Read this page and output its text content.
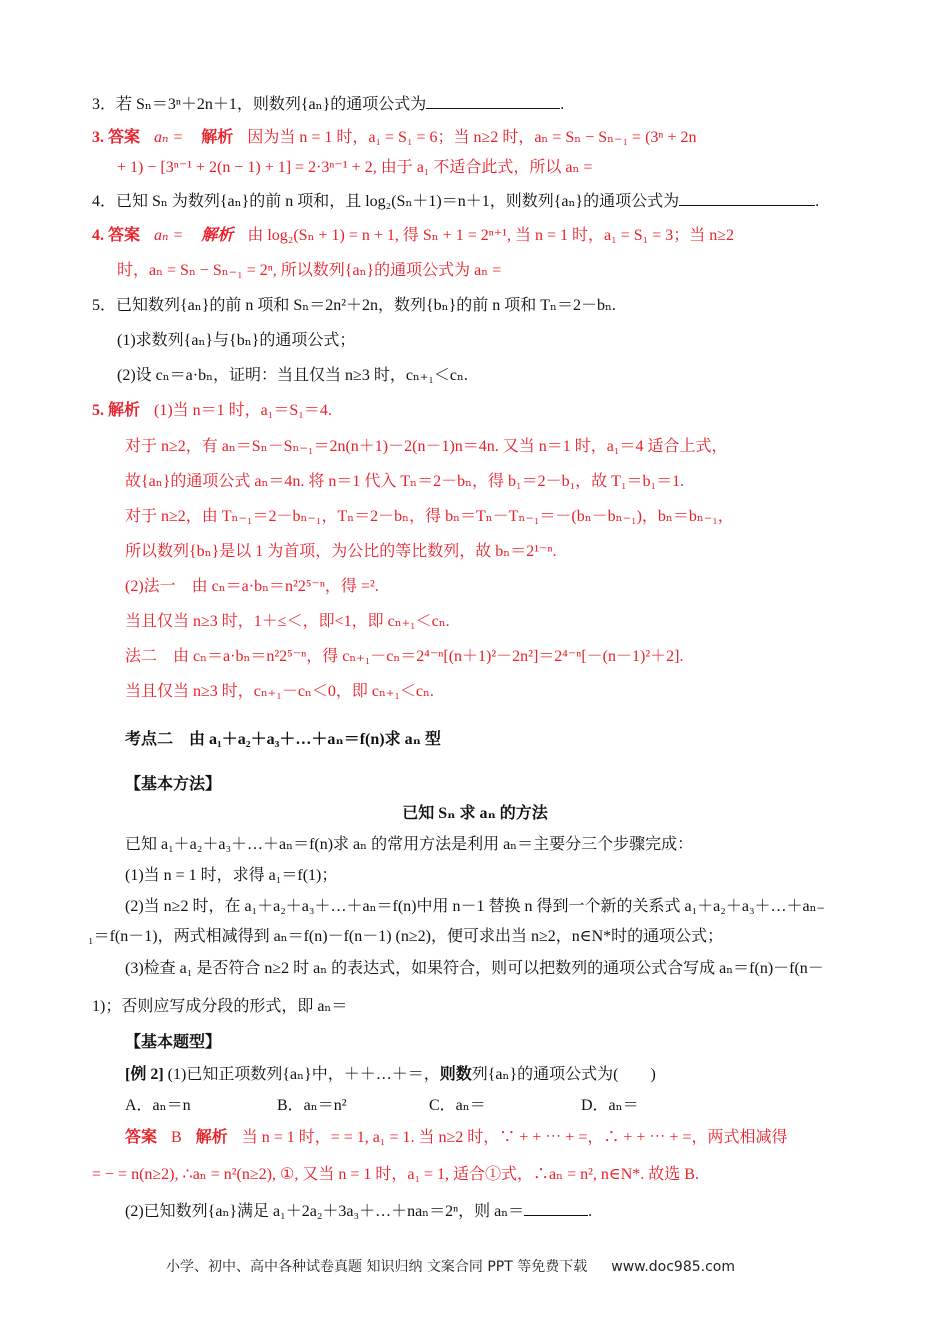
3．若 Sₙ＝3ⁿ＋2n＋1，则数列{aₙ}的通项公式为	.
3. 答案 aₙ = 解析 因为当 n = 1 时，a₁ = S₁ = 6；当 n≥2 时，aₙ = Sₙ − Sₙ₋₁ = (3ⁿ + 2n
+ 1) − [3ⁿ⁻¹ + 2(n − 1) + 1] = 2·3ⁿ⁻¹ + 2, 由于 a₁ 不适合此式，所以 aₙ =
4．已知 Sₙ 为数列{aₙ}的前 n 项和，且 log₂(Sₙ＋1)＝n＋1，则数列{aₙ}的通项公式为	.
4. 答案 aₙ = 解析 由 log₂(Sₙ + 1) = n + 1, 得 Sₙ + 1 = 2ⁿ⁺¹, 当 n = 1 时，a₁ = S₁ = 3；当 n≥2
时，aₙ = Sₙ − Sₙ₋₁ = 2ⁿ, 所以数列{aₙ}的通项公式为 aₙ =
5．已知数列{aₙ}的前 n 项和 Sₙ＝2n²＋2n，数列{bₙ}的前 n 项和 Tₙ＝2－bₙ.
(1)求数列{aₙ}与{bₙ}的通项公式；
(2)设 cₙ＝a·bₙ，证明：当且仅当 n≥3 时，cₙ₊₁＜cₙ.
5. 解析 (1)当 n＝1 时，a₁＝S₁＝4.
对于 n≥2，有 aₙ＝Sₙ－Sₙ₋₁＝2n(n＋1)－2(n－1)n＝4n. 又当 n＝1 时，a₁＝4 适合上式，
故{aₙ}的通项公式 aₙ＝4n. 将 n＝1 代入 Tₙ＝2－bₙ，得 b₁＝2－b₁，故 T₁＝b₁＝1.
对于 n≥2，由 Tₙ₋₁＝2－bₙ₋₁，Tₙ＝2－bₙ，得 bₙ＝Tₙ－Tₙ₋₁＝－(bₙ－bₙ₋₁)，bₙ＝bₙ₋₁，
所以数列{bₙ}是以 1 为首项，为公比的等比数列，故 bₙ＝2¹⁻ⁿ.
(2)法一　由 cₙ＝a·bₙ＝n²2⁵⁻ⁿ，得 =².
当且仅当 n≥3 时，1＋≤＜，即<1，即 cₙ₊₁＜cₙ.
法二　由 cₙ＝a·bₙ＝n²2⁵⁻ⁿ，得 cₙ₊₁－cₙ＝2⁴⁻ⁿ[(n＋1)²－2n²]＝2⁴⁻ⁿ[－(n－1)²＋2].
当且仅当 n≥3 时，cₙ₊₁－cₙ＜0，即 cₙ₊₁＜cₙ.
考点二　由 a₁＋a₂＋a₃＋…＋aₙ＝f(n)求 aₙ 型
【基本方法】
已知 Sₙ 求 aₙ 的方法
已知 a₁＋a₂＋a₃＋…＋aₙ＝f(n)求 aₙ 的常用方法是利用 aₙ＝主要分三个步骤完成：
(1)当 n = 1 时，求得 a₁＝f(1)；
(2)当 n≥2 时，在 a₁＋a₂＋a₃＋…＋aₙ＝f(n)中用 n－1 替换 n 得到一个新的关系式 a₁＋a₂＋a₃＋…＋aₙ₋
₁＝f(n－1)，两式相减得到 aₙ＝f(n)－f(n－1) (n≥2)，便可求出当 n≥2，n∈N*时的通项公式；
(3)检查 a₁ 是否符合 n≥2 时 aₙ 的表达式，如果符合，则可以把数列的通项公式合写成 aₙ＝f(n)－f(n－
1)；否则应写成分段的形式，即 aₙ＝
【基本题型】
[例 2] (1)已知正项数列{aₙ}中，＋＋…＋＝，则数列{aₙ}的通项公式为(　　)
A．aₙ＝n	B．aₙ＝n²	C．aₙ＝	D．aₙ＝
答案 B 解析 当 n = 1 时，= = 1, a₁ = 1. 当 n≥2 时，∵ + + ⋯ + =，∴ + + ⋯ + =，两式相减得
= − = n(n≥2), ∴aₙ = n²(n≥2), ①, 又当 n = 1 时，a₁ = 1, 适合①式，∴aₙ = n², n∈N*. 故选 B.
(2)已知数列{aₙ}满足 a₁＋2a₂＋3a₃＋…＋naₙ＝2ⁿ，则 aₙ＝	.
小学、初中、高中各种试卷真题 知识归纳 文案合同 PPT 等免费下载 www.doc985.com
